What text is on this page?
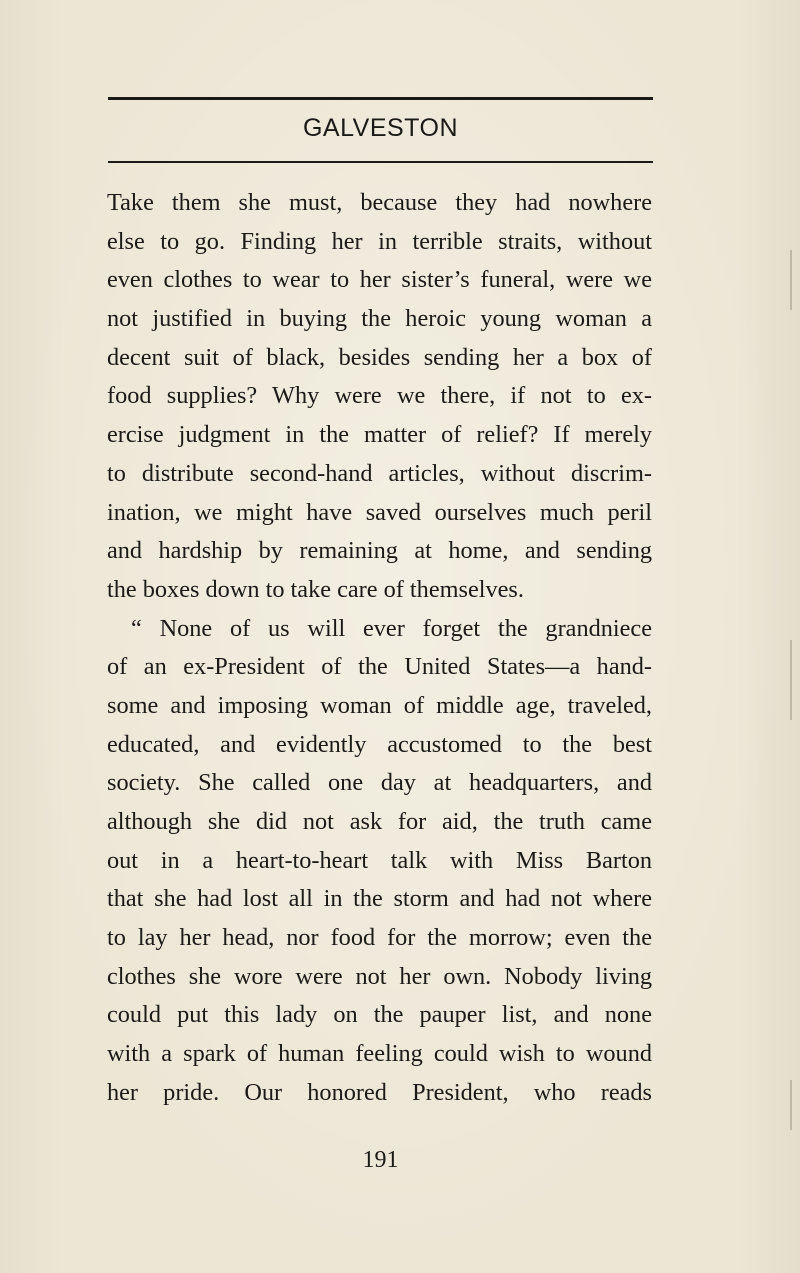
GALVESTON
Take them she must, because they had nowhere
else to go. Finding her in terrible straits, without
even clothes to wear to her sister’s funeral, were we
not justified in buying the heroic young woman a
decent suit of black, besides sending her a box of
food supplies? Why were we there, if not to ex-
ercise judgment in the matter of relief? If merely
to distribute second-hand articles, without discrim-
ination, we might have saved ourselves much peril
and hardship by remaining at home, and sending
the boxes down to take care of themselves.
“ None of us will ever forget the grandniece
of an ex-President of the United States—a hand-
some and imposing woman of middle age, traveled,
educated, and evidently accustomed to the best
society. She called one day at headquarters, and
although she did not ask for aid, the truth came
out in a heart-to-heart talk with Miss Barton
that she had lost all in the storm and had not where
to lay her head, nor food for the morrow; even the
clothes she wore were not her own. Nobody living
could put this lady on the pauper list, and none
with a spark of human feeling could wish to wound
her pride. Our honored President, who reads
191
